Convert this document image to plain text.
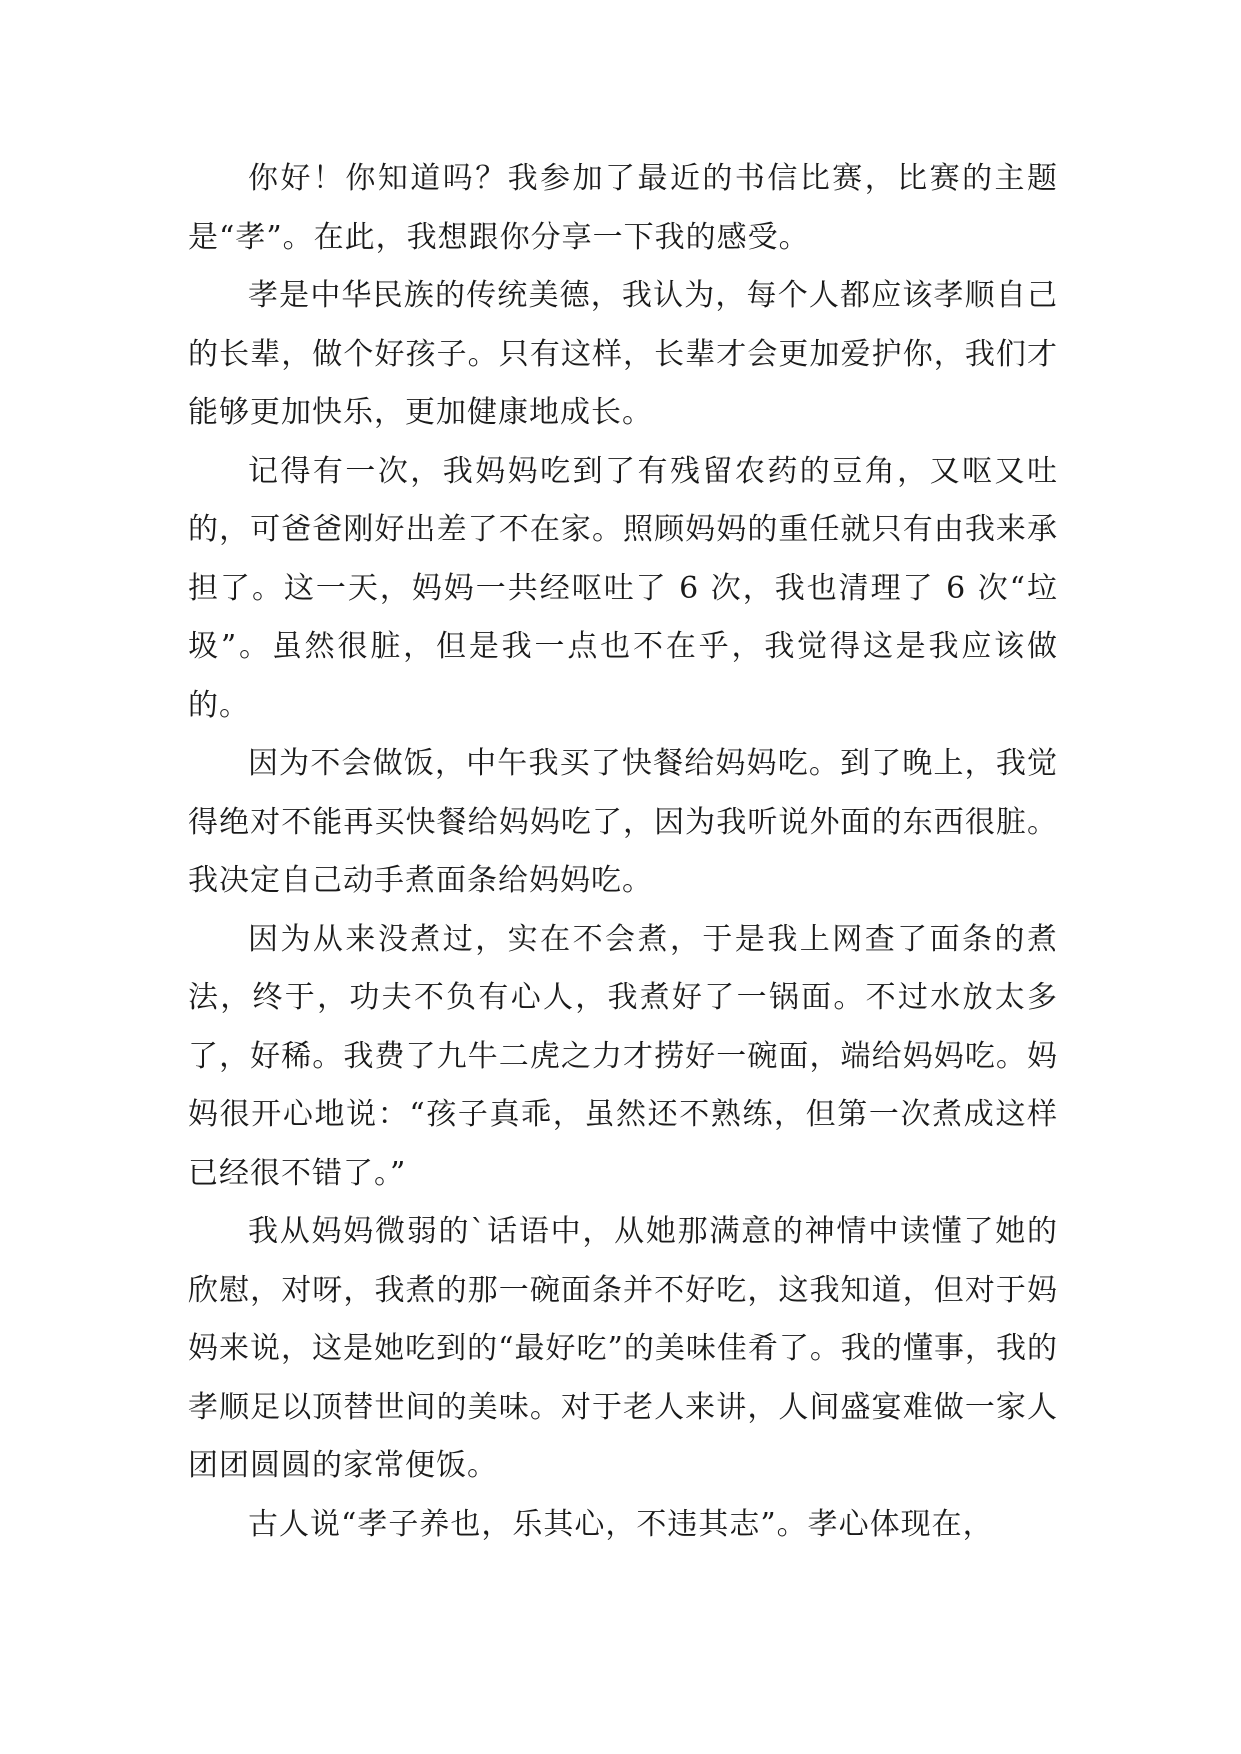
你好！你知道吗？我参加了最近的书信比赛，比赛的主题是“孝”。在此，我想跟你分享一下我的感受。

孝是中华民族的传统美德，我认为，每个人都应该孝顺自己的长辈，做个好孩子。只有这样，长辈才会更加爱护你，我们才能够更加快乐，更加健康地成长。

记得有一次，我妈妈吃到了有残留农药的豆角，又呕又吐的，可爸爸刚好出差了不在家。照顾妈妈的重任就只有由我来承担了。这一天，妈妈一共经呕吐了 6 次，我也清理了 6 次“垃圾”。虽然很脏，但是我一点也不在乎，我觉得这是我应该做的。

因为不会做饭，中午我买了快餐给妈妈吃。到了晚上，我觉得绝对不能再买快餐给妈妈吃了，因为我听说外面的东西很脏。我决定自己动手煮面条给妈妈吃。

因为从来没煮过，实在不会煮，于是我上网查了面条的煮法，终于，功夫不负有心人，我煮好了一锅面。不过水放太多了，好稀。我费了九牛二虎之力才捞好一碗面，端给妈妈吃。妈妈很开心地说：“孩子真乖，虽然还不熟练，但第一次煮成这样已经很不错了。”

我从妈妈微弱的`话语中，从她那满意的神情中读懂了她的欣慰，对呀，我煮的那一碗面条并不好吃，这我知道，但对于妈妈来说，这是她吃到的“最好吃”的美味佳肴了。我的懂事，我的孝顺足以顶替世间的美味。对于老人来讲，人间盛宴难做一家人团团圆圆的家常便饭。

古人说“孝子养也，乐其心，不违其志”。孝心体现在，
